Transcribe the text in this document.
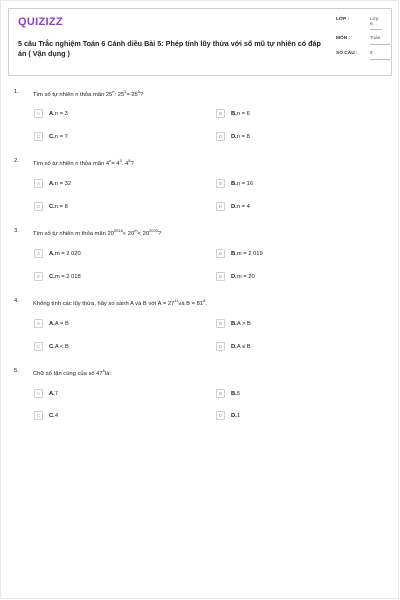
QUIZIZZ
5 câu Trắc nghiệm Toán 6 Cánh diều Bài 5: Phép tính lũy thừa với số mũ tự nhiên có đáp án ( Vận dụng )
LỚP :	Lớp 6
MÔN :	Toán
SỐ CÂU :	5
1. Tìm số tự nhiên n thỏa mãn 25$^n$: $25^3= 25^5$?
A	A.n = 3	B	B.n = 6
C	C.n = 7	D	D.n = 8
2. Tìm số tự nhiên n thỏa mãn $4^n= 4^3$. $4^5$?
A	A.n = 32	B	B.n = 16
C	C.n = 8	D	D.n = 4
3. Tìm số tự nhiên m thỏa mãn $20^{2018}< 20^m< 20^{2020}$?
A	A.m = 2 020	B	B.m = 2 019
C	C.m = 2 018	D	D.m = 20
4. Không tính các lũy thừa, hãy so sánh A và B với $A = 27^{11}và$ $B = 81^8$.
A	A.A = B	B	B.A > B
C	C.A < B	D	D.A ≤ B
5. Chữ số tận cùng của số $47^5là$:
A	A.7	B	B.5
C	C.4	D	D.1
